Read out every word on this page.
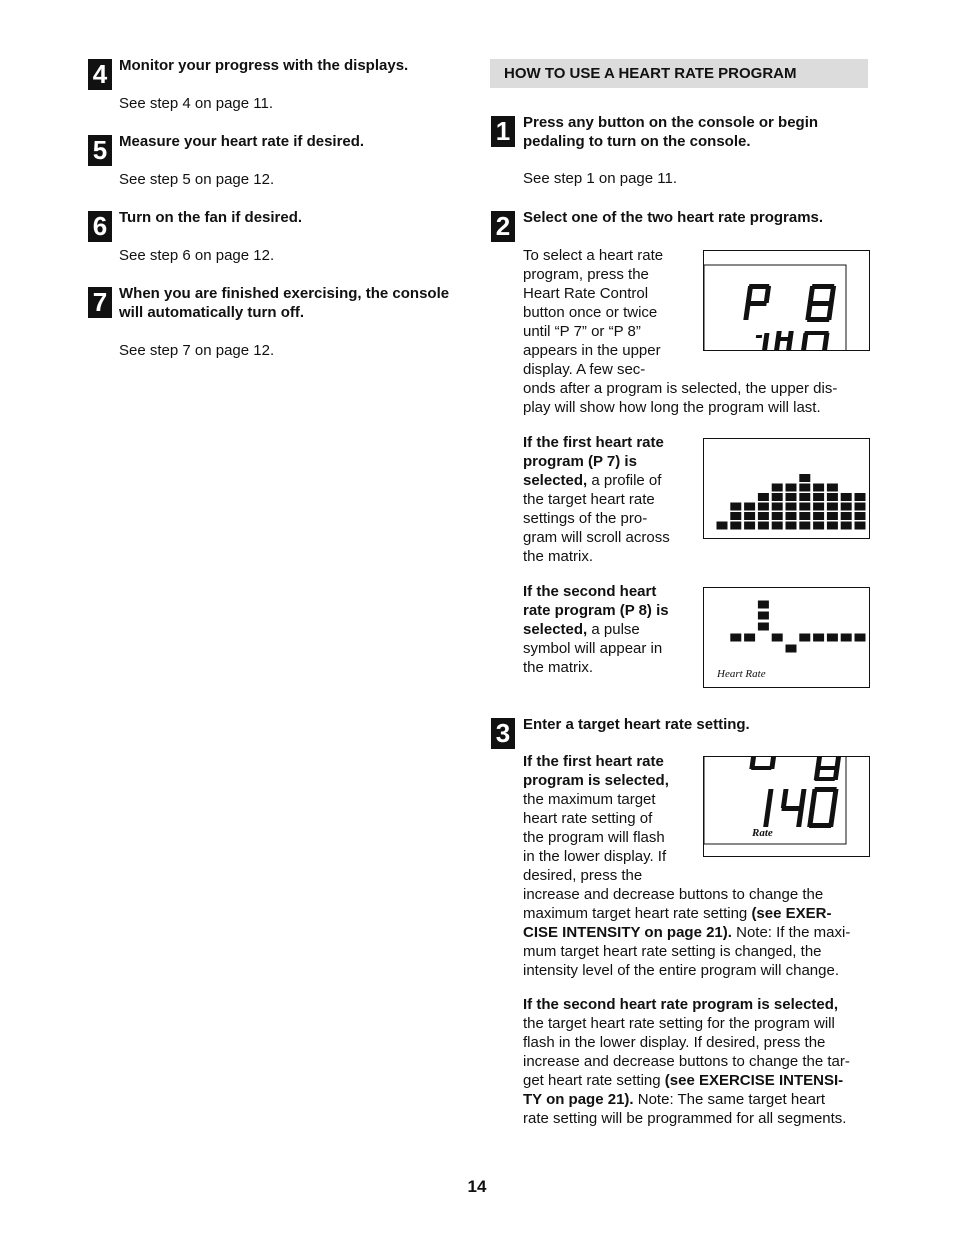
4 Monitor your progress with the displays.

See step 4 on page 11.

5 Measure your heart rate if desired.

See step 5 on page 12.

6 Turn on the fan if desired.

See step 6 on page 12.

7 When you are finished exercising, the console

will automatically turn off.

See step 7 on page 12.

HOW TO USE A HEART RATE PROGRAM
1 Press any button on the console or begin

pedaling to turn on the console.

See step 1 on page 11.

2 Select one of the two heart rate programs.

To select a heart rate
program, press the
Heart Rate Control
button once or twice
until “P 7” or “P 8”
appears in the upper
display. A few sec-
onds after a program is selected, the upper dis-
play will show how long the program will last.
If the first heart rate
program (P 7) is
selected, a profile of
the target heart rate
settings of the pro-
gram will scroll across
the matrix.
If the second heart
rate program (P 8) is
selected, a pulse
symbol will appear in
the matrix.	Heart Rate
3 Enter a target heart rate setting.

If the first heart rate
program is selected,
the maximum target
heart rate setting of
the program will flash
in the lower display. If
desired, press the
increase and decrease buttons to change the
maximum target heart rate setting (see EXER-
CISE INTENSITY on page 21). Note: If the maxi-
mum target heart rate setting is changed, the
intensity level of the entire program will change.
Rate
If the second heart rate program is selected,
the target heart rate setting for the program will
flash in the lower display. If desired, press the
increase and decrease buttons to change the tar-
get heart rate setting (see EXERCISE INTENSI-
TY on page 21). Note: The same target heart
rate setting will be programmed for all segments.
14
